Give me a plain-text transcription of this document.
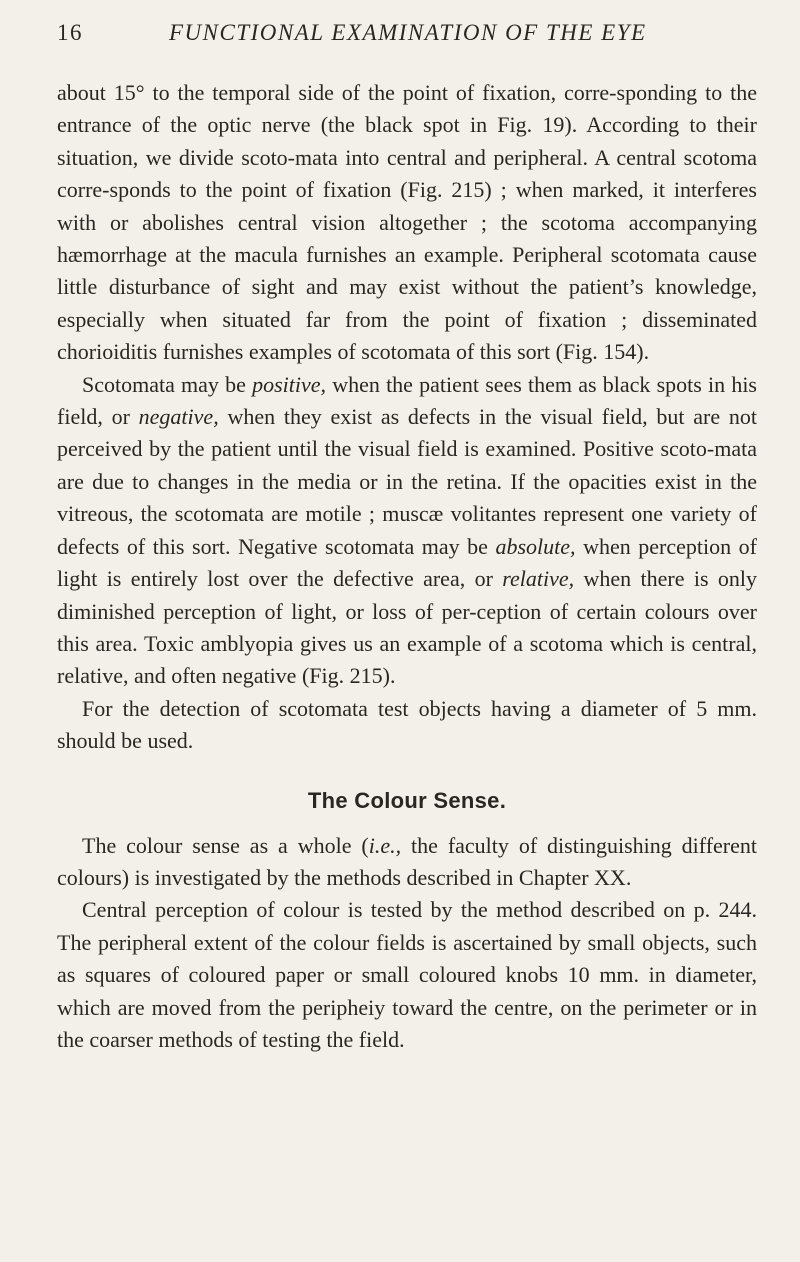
16	FUNCTIONAL EXAMINATION OF THE EYE

about 15° to the temporal side of the point of fixation, corre-sponding to the entrance of the optic nerve (the black spot in Fig. 19). According to their situation, we divide scoto-mata into central and peripheral. A central scotoma corre-sponds to the point of fixation (Fig. 215) ; when marked, it interferes with or abolishes central vision altogether ; the scotoma accompanying hæmorrhage at the macula furnishes an example. Peripheral scotomata cause little disturbance of sight and may exist without the patient’s knowledge, especially when situated far from the point of fixation ; disseminated chorioiditis furnishes examples of scotomata of this sort (Fig. 154).

Scotomata may be positive, when the patient sees them as black spots in his field, or negative, when they exist as defects in the visual field, but are not perceived by the patient until the visual field is examined. Positive scoto-mata are due to changes in the media or in the retina. If the opacities exist in the vitreous, the scotomata are motile ; muscæ volitantes represent one variety of defects of this sort. Negative scotomata may be absolute, when perception of light is entirely lost over the defective area, or relative, when there is only diminished perception of light, or loss of per-ception of certain colours over this area. Toxic amblyopia gives us an example of a scotoma which is central, relative, and often negative (Fig. 215).

For the detection of scotomata test objects having a diameter of 5 mm. should be used.

The Colour Sense.

The colour sense as a whole (i.e., the faculty of distinguishing different colours) is investigated by the methods described in Chapter XX.

Central perception of colour is tested by the method described on p. 244. The peripheral extent of the colour fields is ascertained by small objects, such as squares of coloured paper or small coloured knobs 10 mm. in diameter, which are moved from the peripheiy toward the centre, on the perimeter or in the coarser methods of testing the field.
